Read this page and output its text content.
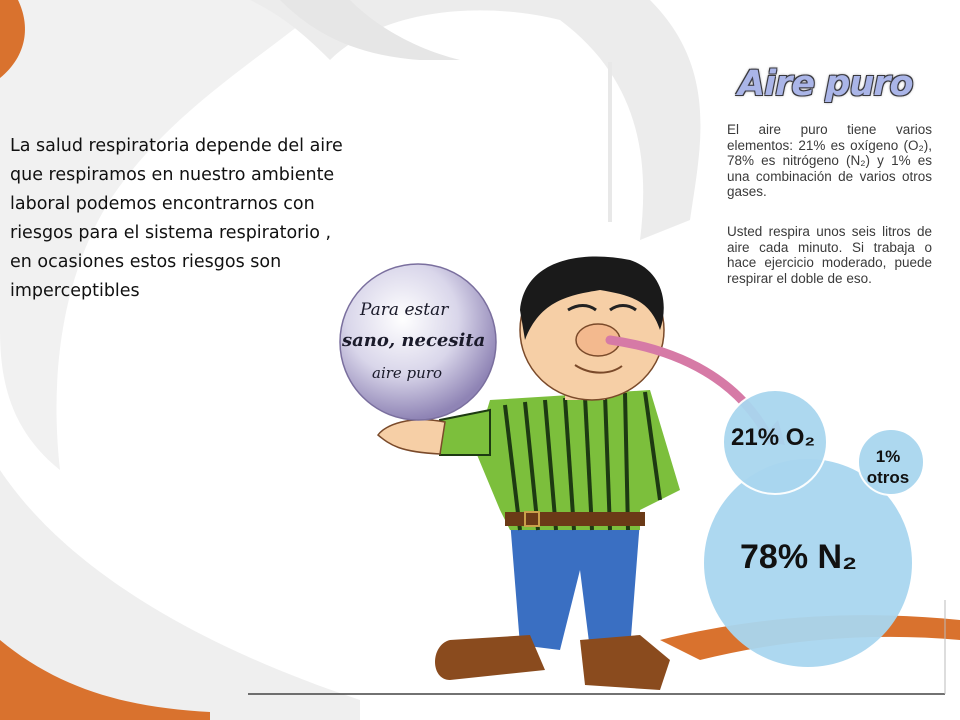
La salud respiratoria depende del aire que respiramos en nuestro ambiente laboral podemos encontrarnos con riesgos para el sistema respiratorio , en ocasiones estos riesgos son imperceptibles
Para estar
sano, necesita
aire puro
21% O₂
1%
otros
78% N₂
Aire puro
El aire puro tiene varios elementos: 21% es oxígeno (O₂), 78% es nitrógeno (N₂) y 1% es una combinación de varios otros gases.
Usted respira unos seis litros de aire cada minuto. Si trabaja o hace ejercicio moderado, puede respirar el doble de eso.
